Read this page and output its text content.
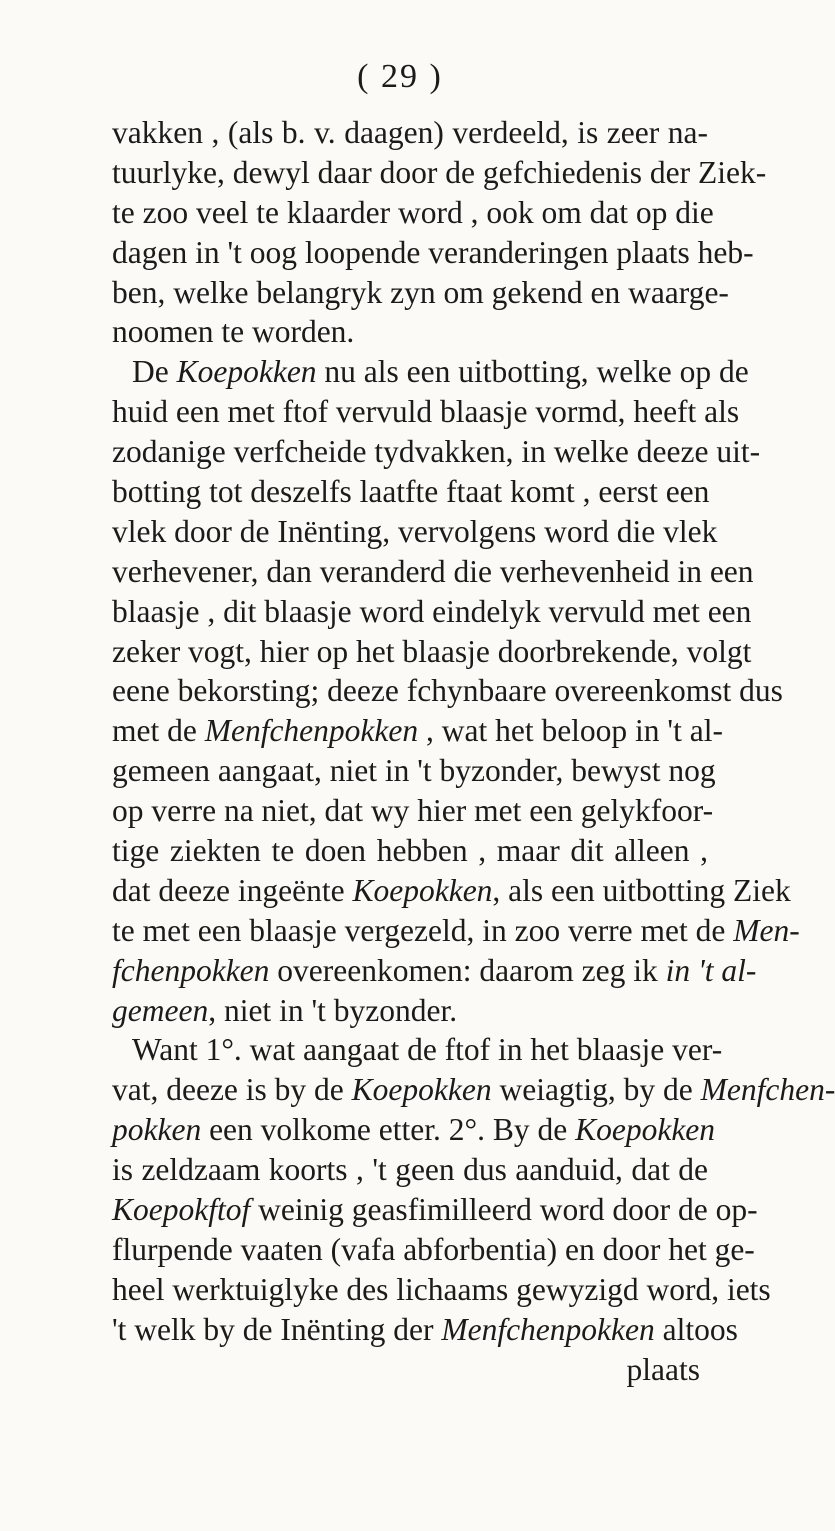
( 29 )
vakken , (als b. v. daagen) verdeeld, is zeer na-
tuurlyke, dewyl daar door de gefchiedenis der Ziek-
te zoo veel te klaarder word , ook om dat op die
dagen in 't oog loopende veranderingen plaats heb-
ben, welke belangryk zyn om gekend en waarge-
noomen te worden.
De Koepokken nu als een uitbotting, welke op de
huid een met ftof vervuld blaasje vormd, heeft als
zodanige verfcheide tydvakken, in welke deeze uit-
botting tot deszelfs laatfte ftaat komt , eerst een
vlek door de Inënting, vervolgens word die vlek
verhevener, dan veranderd die verhevenheid in een
blaasje , dit blaasje word eindelyk vervuld met een
zeker vogt, hier op het blaasje doorbrekende, volgt
eene bekorsting; deeze fchynbaare overeenkomst dus
met de Menfchenpokken , wat het beloop in 't al-
gemeen aangaat, niet in 't byzonder, bewyst nog
op verre na niet, dat wy hier met een gelykfoor-
tige ziekten te doen hebben , maar dit alleen ,
dat deeze ingeënte Koepokken, als een uitbotting Ziek
te met een blaasje vergezeld, in zoo verre met de Men-
fchenpokken overeenkomen: daarom zeg ik in 't al-
gemeen, niet in 't byzonder.
Want 1°. wat aangaat de ftof in het blaasje ver-
vat, deeze is by de Koepokken weiagtig, by de Menfchen-
pokken een volkome etter. 2°. By de Koepokken
is zeldzaam koorts , 't geen dus aanduid, dat de
Koepokftof weinig geasfimilleerd word door de op-
flurpende vaaten (vafa abforbentia) en door het ge-
heel werktuiglyke des lichaams gewyzigd word, iets
't welk by de Inënting der Menfchenpokken altoos
plaats
